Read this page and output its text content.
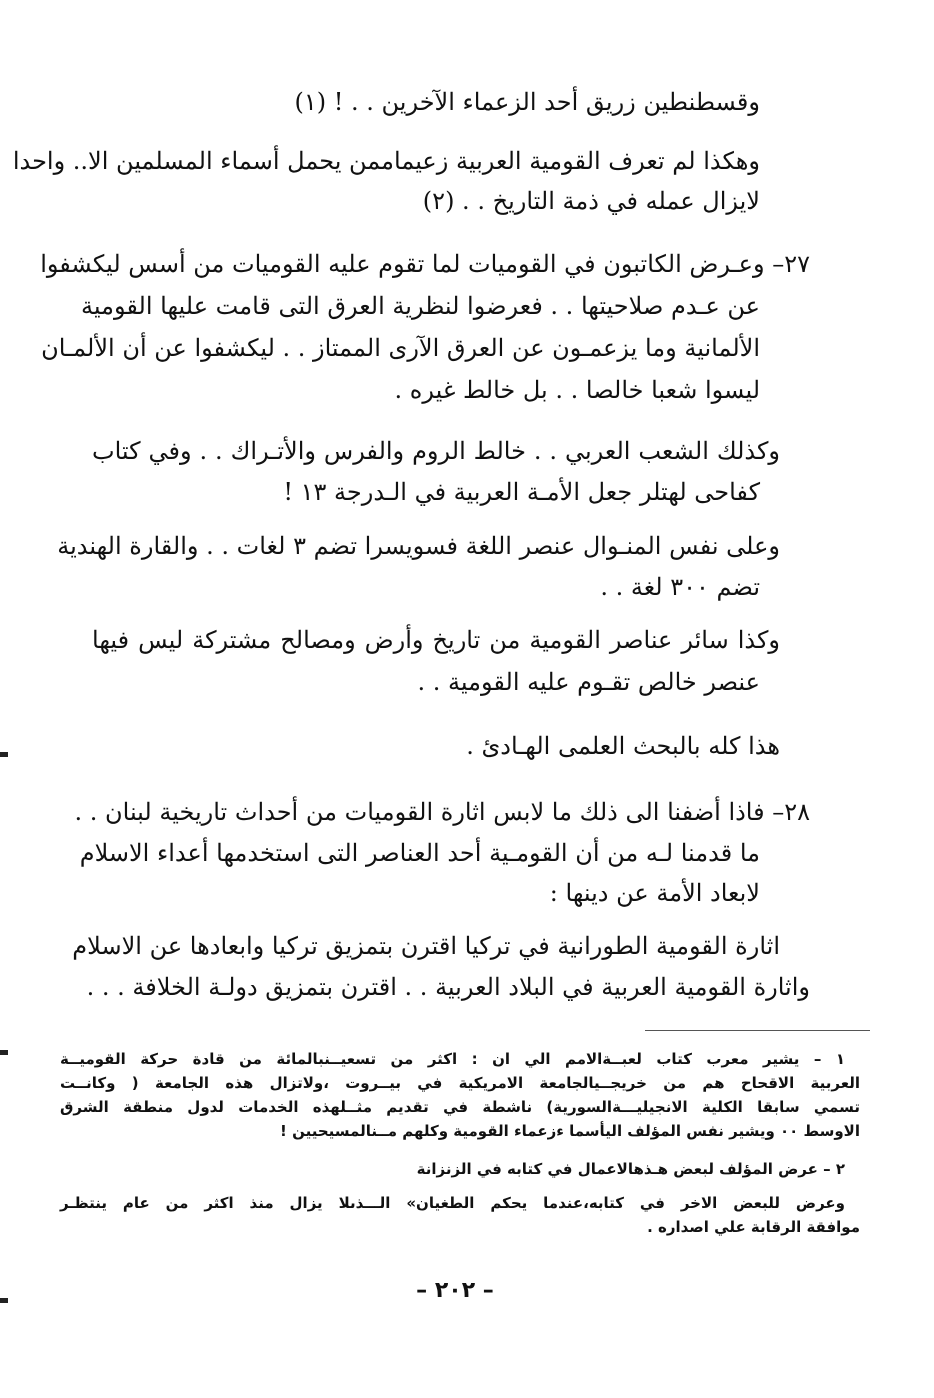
وقسطنطين زريق أحد الزعماء الآخرين . . ! (١)
وهكذا لم تعرف القومية العربية زعيماممن يحمل أسماء المسلمين الا.. واحدا
لايزال عمله في ذمة التاريخ . . (٢)
٢٧– وعـرض الكاتبون في القوميات لما تقوم عليه القوميات من أسس ليكشفوا
عن عـدم صلاحيتها . . فعرضوا لنظرية العرق التى قامت عليها القومية
الألمانية وما يزعمـون عن العرق الآرى الممتاز . . ليكشفوا عن أن الألمـان
ليسوا شعبا خالصا . . بل خالط غيره .
وكذلك الشعب العربي . . خالط الروم والفرس والأتـراك . . وفي كتاب
كفاحى لهتلر جعل الأمـة العربية في الـدرجة ١٣ !
وعلى نفس المنـوال عنصر اللغة فسويسرا تضم ٣ لغات . . والقارة الهندية
تضم ٣٠٠ لغة . .
وكذا سائر عناصر القومية من تاريخ وأرض ومصالح مشتركة ليس فيها
عنصر خالص تقـوم عليه القومية . .
هذا كله بالبحث العلمى الهـادئ .
٢٨– فاذا أضفنا الى ذلك ما لابس اثارة القوميات من أحداث تاريخية لبنان . .
ما قدمنا لـه من أن القومـية أحد العناصر التى استخدمها أعداء الاسلام
لابعاد الأمة عن دينها :
اثارة القومية الطورانية في تركيا اقترن بتمزيق تركيا وابعادها عن الاسلام
واثارة القومية العربية في البلاد العربية . . اقترن بتمزيق دولـة الخلافة . . .
١ – يشير معرب كتاب لعبــةالامم الي ان : اكثر من تسعيــنبالمائة من قادة حركة القوميــة
العربية الاقحاح هم من خريجــيالجامعة الامريكية في بيــروت ،ولاتزال هذه الجامعة ( وكانــت
تسمي سابقا الكلية الانجيليـــةالسورية) ناشطة في تقديم مثــلهذه الخدمات لدول منطقة الشرق
الاوسط ٠٠ ويشير نفس المؤلف اليأسما ءزعماء القومية وكلهم مــنالمسيحيين !
٢ – عرض المؤلف لبعض هـذهالاعمال في كتابه في الزنزانة
وعرض للبعض الاخر في كتابه،عندما يحكم الطغيان» الـــذىلا يزال منذ اكثر من عام ينتظـر
موافقة الرقابة علي اصداره .
– ٢٠٢ –
